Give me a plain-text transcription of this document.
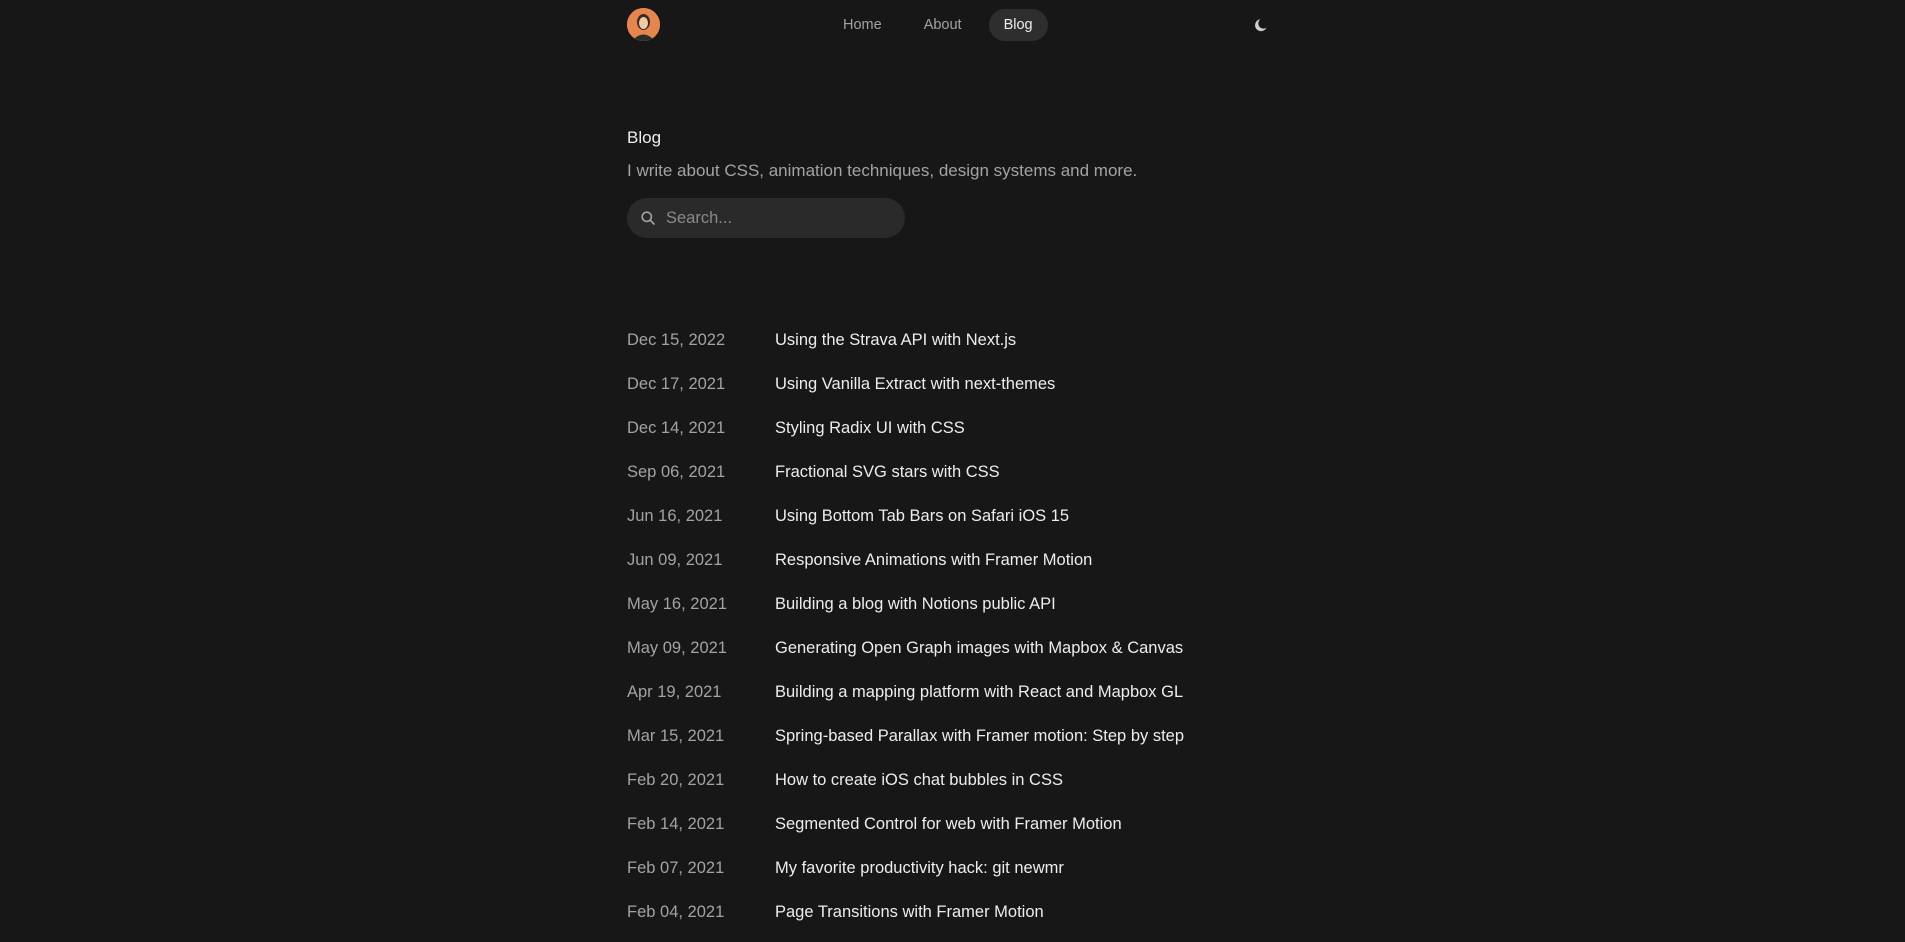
Home	About	Blog
Blog

I write about CSS, animation techniques, design systems and more.

Search...
Dec 15, 2022	Using the Strava API with Next.js
Dec 17, 2021	Using Vanilla Extract with next-themes
Dec 14, 2021	Styling Radix UI with CSS
Sep 06, 2021	Fractional SVG stars with CSS
Jun 16, 2021	Using Bottom Tab Bars on Safari iOS 15
Jun 09, 2021	Responsive Animations with Framer Motion
May 16, 2021	Building a blog with Notions public API
May 09, 2021	Generating Open Graph images with Mapbox & Canvas
Apr 19, 2021	Building a mapping platform with React and Mapbox GL
Mar 15, 2021	Spring-based Parallax with Framer motion: Step by step
Feb 20, 2021	How to create iOS chat bubbles in CSS
Feb 14, 2021	Segmented Control for web with Framer Motion
Feb 07, 2021	My favorite productivity hack: git newmr
Feb 04, 2021	Page Transitions with Framer Motion
